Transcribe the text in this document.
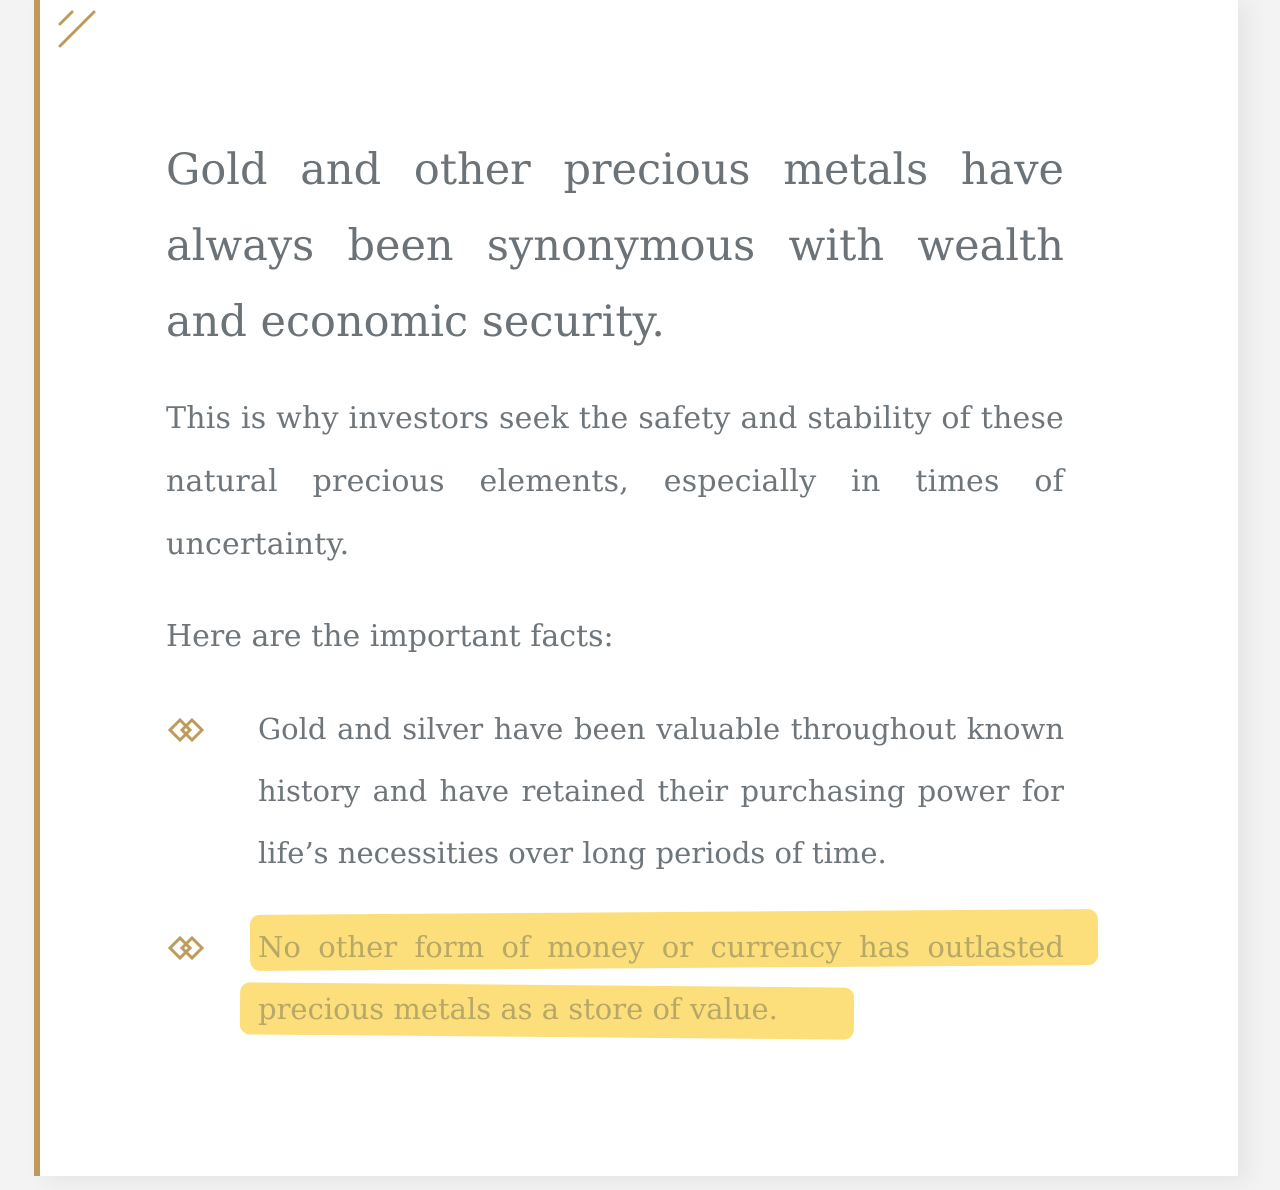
Gold and other precious metals have always been synonymous with wealth and economic security.

This is why investors seek the safety and stability of these natural precious elements, especially in times of uncertainty.

Here are the important facts:

Gold and silver have been valuable throughout known history and have retained their purchasing power for life’s necessities over long periods of time.

No other form of money or currency has outlasted precious metals as a store of value.
